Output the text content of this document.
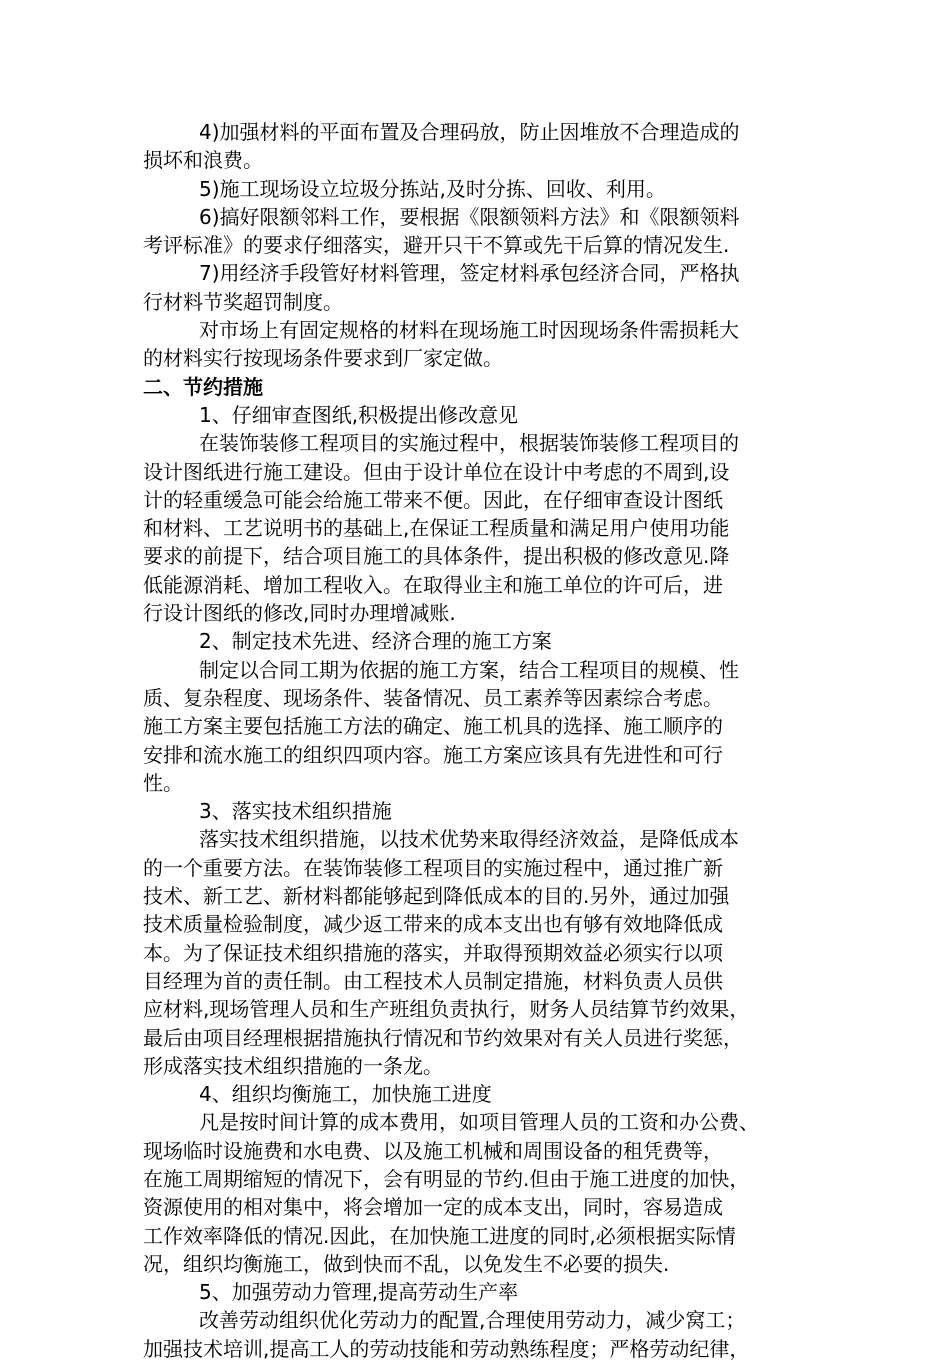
4)加强材料的平面布置及合理码放，防止因堆放不合理造成的

损坏和浪费。

5)施工现场设立垃圾分拣站,及时分拣、回收、利用。

6)搞好限额邻料工作，要根据《限额领料方法》和《限额领料

考评标准》的要求仔细落实，避开只干不算或先干后算的情况发生.

7)用经济手段管好材料管理，签定材料承包经济合同，严格执

行材料节奖超罚制度。

对市场上有固定规格的材料在现场施工时因现场条件需损耗大

的材料实行按现场条件要求到厂家定做。

二、节约措施

1、仔细审查图纸,积极提出修改意见

在装饰装修工程项目的实施过程中，根据装饰装修工程项目的

设计图纸进行施工建设。但由于设计单位在设计中考虑的不周到,设

计的轻重缓急可能会给施工带来不便。因此，在仔细审查设计图纸

和材料、工艺说明书的基础上,在保证工程质量和满足用户使用功能

要求的前提下，结合项目施工的具体条件，提出积极的修改意见.降

低能源消耗、增加工程收入。在取得业主和施工单位的许可后，进

行设计图纸的修改,同时办理增减账.

2、制定技术先进、经济合理的施工方案

制定以合同工期为依据的施工方案，结合工程项目的规模、性

质、复杂程度、现场条件、装备情况、员工素养等因素综合考虑。

施工方案主要包括施工方法的确定、施工机具的选择、施工顺序的

安排和流水施工的组织四项内容。施工方案应该具有先进性和可行

性。

3、落实技术组织措施

落实技术组织措施，以技术优势来取得经济效益，是降低成本

的一个重要方法。在装饰装修工程项目的实施过程中，通过推广新

技术、新工艺、新材料都能够起到降低成本的目的.另外，通过加强

技术质量检验制度，减少返工带来的成本支出也有够有效地降低成

本。为了保证技术组织措施的落实，并取得预期效益必须实行以项

目经理为首的责任制。由工程技术人员制定措施，材料负责人员供

应材料,现场管理人员和生产班组负责执行，财务人员结算节约效果，

最后由项目经理根据措施执行情况和节约效果对有关人员进行奖惩，

形成落实技术组织措施的一条龙。

4、组织均衡施工，加快施工进度

凡是按时间计算的成本费用，如项目管理人员的工资和办公费、

现场临时设施费和水电费、以及施工机械和周围设备的租凭费等，

在施工周期缩短的情况下，会有明显的节约.但由于施工进度的加快，

资源使用的相对集中，将会增加一定的成本支出，同时，容易造成

工作效率降低的情况.因此，在加快施工进度的同时,必须根据实际情

况，组织均衡施工，做到快而不乱，以免发生不必要的损失.

5、加强劳动力管理,提高劳动生产率

改善劳动组织优化劳动力的配置,合理使用劳动力，减少窝工；

加强技术培训,提高工人的劳动技能和劳动熟练程度；严格劳动纪律，
